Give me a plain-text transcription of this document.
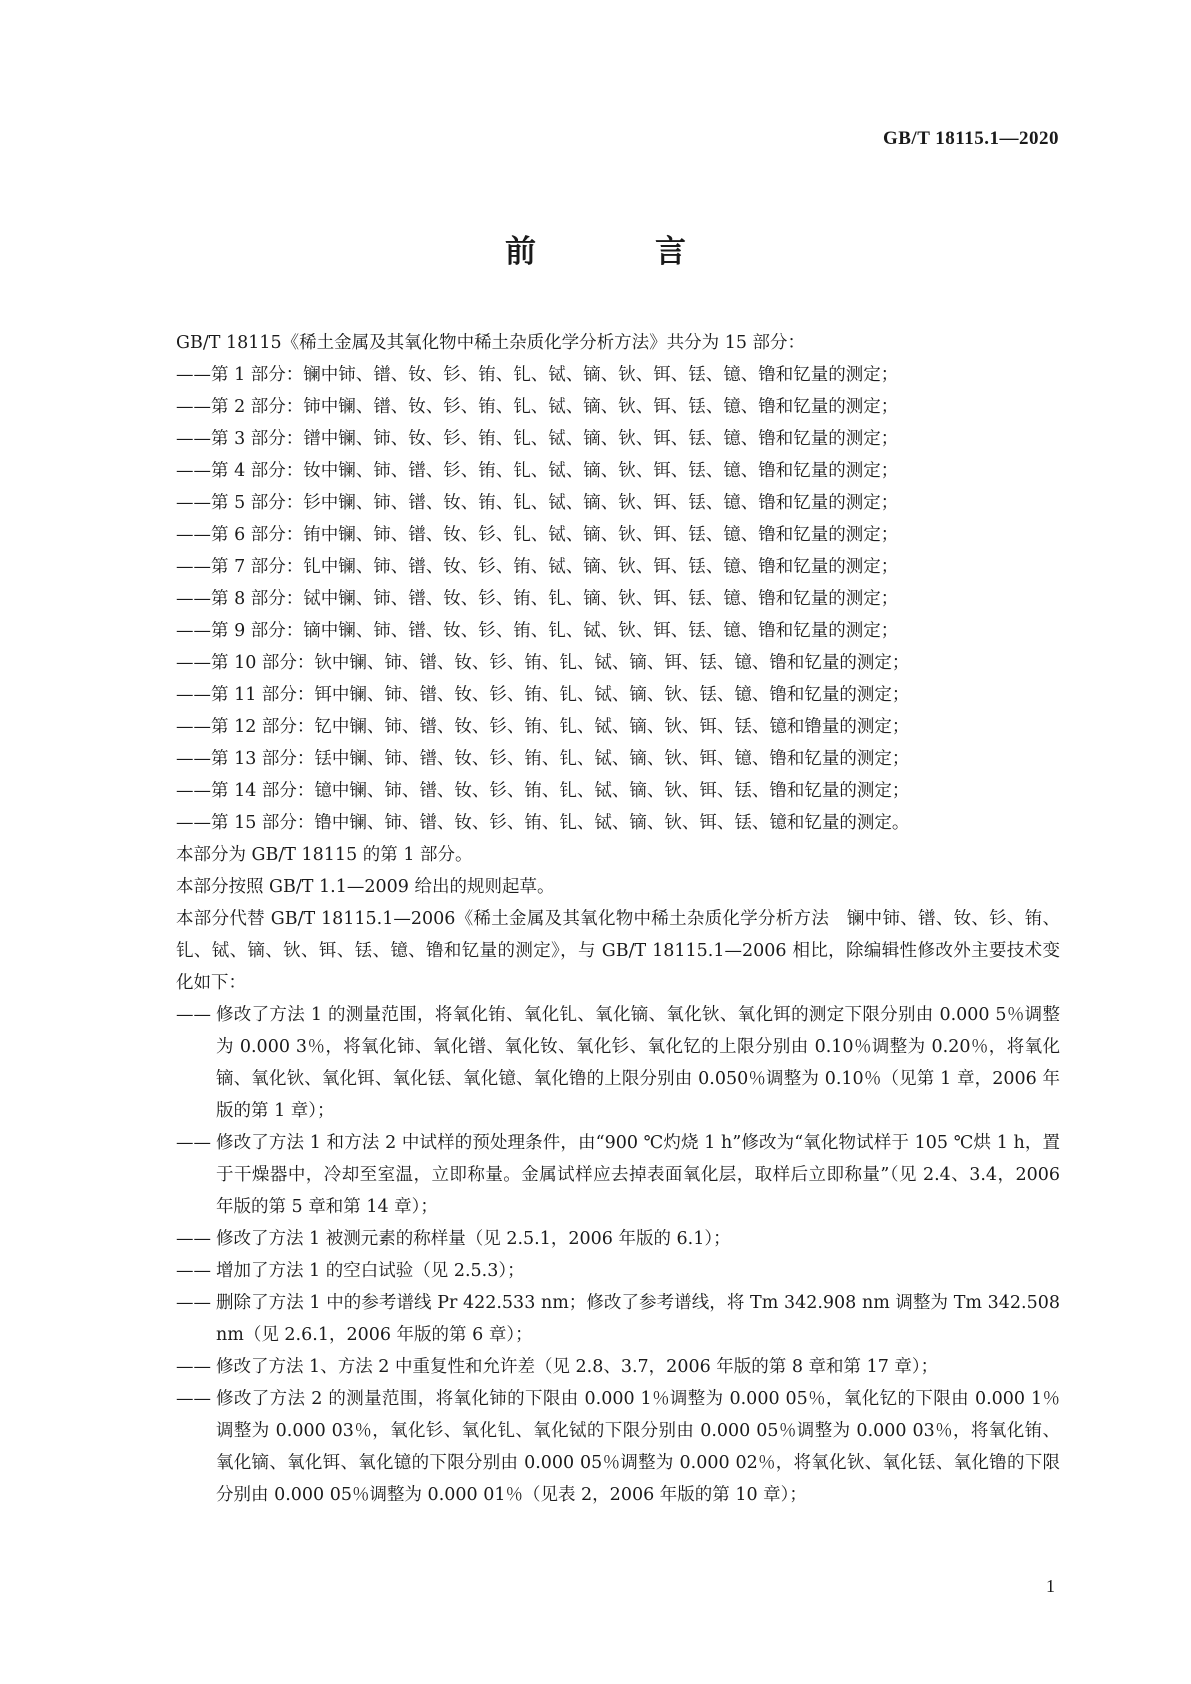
GB/T 18115.1—2020
前　言

GB/T 18115《稀土金属及其氧化物中稀土杂质化学分析方法》共分为 15 部分：

——第 1 部分：镧中铈、镨、钕、钐、铕、钆、铽、镝、钬、铒、铥、镱、镥和钇量的测定；

——第 2 部分：铈中镧、镨、钕、钐、铕、钆、铽、镝、钬、铒、铥、镱、镥和钇量的测定；

——第 3 部分：镨中镧、铈、钕、钐、铕、钆、铽、镝、钬、铒、铥、镱、镥和钇量的测定；

——第 4 部分：钕中镧、铈、镨、钐、铕、钆、铽、镝、钬、铒、铥、镱、镥和钇量的测定；

——第 5 部分：钐中镧、铈、镨、钕、铕、钆、铽、镝、钬、铒、铥、镱、镥和钇量的测定；

——第 6 部分：铕中镧、铈、镨、钕、钐、钆、铽、镝、钬、铒、铥、镱、镥和钇量的测定；

——第 7 部分：钆中镧、铈、镨、钕、钐、铕、铽、镝、钬、铒、铥、镱、镥和钇量的测定；

——第 8 部分：铽中镧、铈、镨、钕、钐、铕、钆、镝、钬、铒、铥、镱、镥和钇量的测定；

——第 9 部分：镝中镧、铈、镨、钕、钐、铕、钆、铽、钬、铒、铥、镱、镥和钇量的测定；

——第 10 部分：钬中镧、铈、镨、钕、钐、铕、钆、铽、镝、铒、铥、镱、镥和钇量的测定；

——第 11 部分：铒中镧、铈、镨、钕、钐、铕、钆、铽、镝、钬、铥、镱、镥和钇量的测定；

——第 12 部分：钇中镧、铈、镨、钕、钐、铕、钆、铽、镝、钬、铒、铥、镱和镥量的测定；

——第 13 部分：铥中镧、铈、镨、钕、钐、铕、钆、铽、镝、钬、铒、镱、镥和钇量的测定；

——第 14 部分：镱中镧、铈、镨、钕、钐、铕、钆、铽、镝、钬、铒、铥、镥和钇量的测定；

——第 15 部分：镥中镧、铈、镨、钕、钐、铕、钆、铽、镝、钬、铒、铥、镱和钇量的测定。

本部分为 GB/T 18115 的第 1 部分。

本部分按照 GB/T 1.1—2009 给出的规则起草。

本部分代替 GB/T 18115.1—2006《稀土金属及其氧化物中稀土杂质化学分析方法　镧中铈、镨、钕、钐、铕、钆、铽、镝、钬、铒、铥、镱、镥和钇量的测定》，与 GB/T 18115.1—2006 相比，除编辑性修改外主要技术变化如下：

—— 修改了方法 1 的测量范围，将氧化铕、氧化钆、氧化镝、氧化钬、氧化铒的测定下限分别由 0.000 5％调整为 0.000 3％，将氧化铈、氧化镨、氧化钕、氧化钐、氧化钇的上限分别由 0.10％调整为 0.20％，将氧化镝、氧化钬、氧化铒、氧化铥、氧化镱、氧化镥的上限分别由 0.050％调整为 0.10％（见第 1 章，2006 年版的第 1 章）；

—— 修改了方法 1 和方法 2 中试样的预处理条件，由“900 ℃灼烧 1 h”修改为“氧化物试样于 105 ℃烘 1 h，置于干燥器中，冷却至室温，立即称量。金属试样应去掉表面氧化层，取样后立即称量”（见 2.4、3.4，2006 年版的第 5 章和第 14 章）；

—— 修改了方法 1 被测元素的称样量（见 2.5.1，2006 年版的 6.1）；

—— 增加了方法 1 的空白试验（见 2.5.3）；

—— 删除了方法 1 中的参考谱线 Pr 422.533 nm；修改了参考谱线，将 Tm 342.908 nm 调整为 Tm 342.508 nm（见 2.6.1，2006 年版的第 6 章）；

—— 修改了方法 1、方法 2 中重复性和允许差（见 2.8、3.7，2006 年版的第 8 章和第 17 章）；

—— 修改了方法 2 的测量范围，将氧化铈的下限由 0.000 1％调整为 0.000 05％，氧化钇的下限由 0.000 1％调整为 0.000 03％，氧化钐、氧化钆、氧化铽的下限分别由 0.000 05％调整为 0.000 03％，将氧化铕、氧化镝、氧化铒、氧化镱的下限分别由 0.000 05％调整为 0.000 02％，将氧化钬、氧化铥、氧化镥的下限分别由 0.000 05％调整为 0.000 01％（见表 2，2006 年版的第 10 章）；

1
